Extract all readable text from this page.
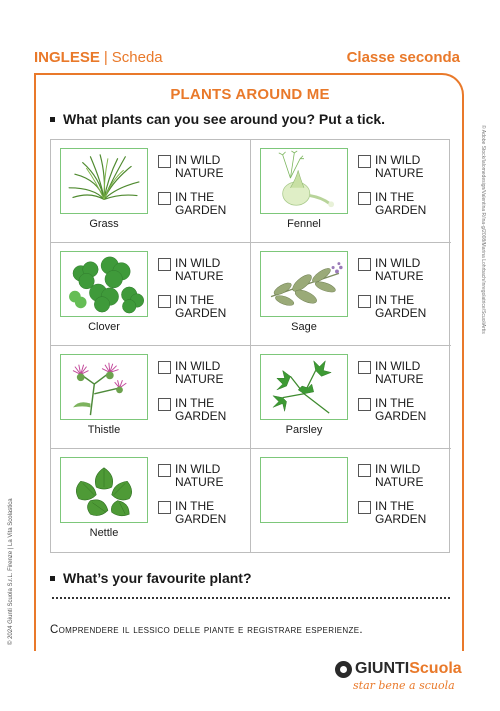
INGLESE | Scheda	Classe seconda
PLANTS AROUND ME
What plants can you see around you? Put a tick.
Grass
IN WILD
NATURE
IN THE
GARDEN
Fennel
IN WILD
NATURE
IN THE
GARDEN
Clover
IN WILD
NATURE
IN THE
GARDEN
Sage
IN WILD
NATURE
IN THE
GARDEN
Thistle
IN WILD
NATURE
IN THE
GARDEN
Parsley
IN WILD
NATURE
IN THE
GARDEN
Nettle
IN WILD
NATURE
IN THE
GARDEN
IN WILD
NATURE
IN THE
GARDEN
What’s your favourite plant?
Comprendere il lessico delle piante e registrare esperienze.
© 2024 Giunti Scuola S.r.L. Firenze | La Vita Scolastica
© Adobe Stock/Ialomedesign/Valentina R/ina-g/2008/Marina Lohrbach/inregolatrice/ScuoliArtis
GIUNTI Scuola
star bene a scuola
